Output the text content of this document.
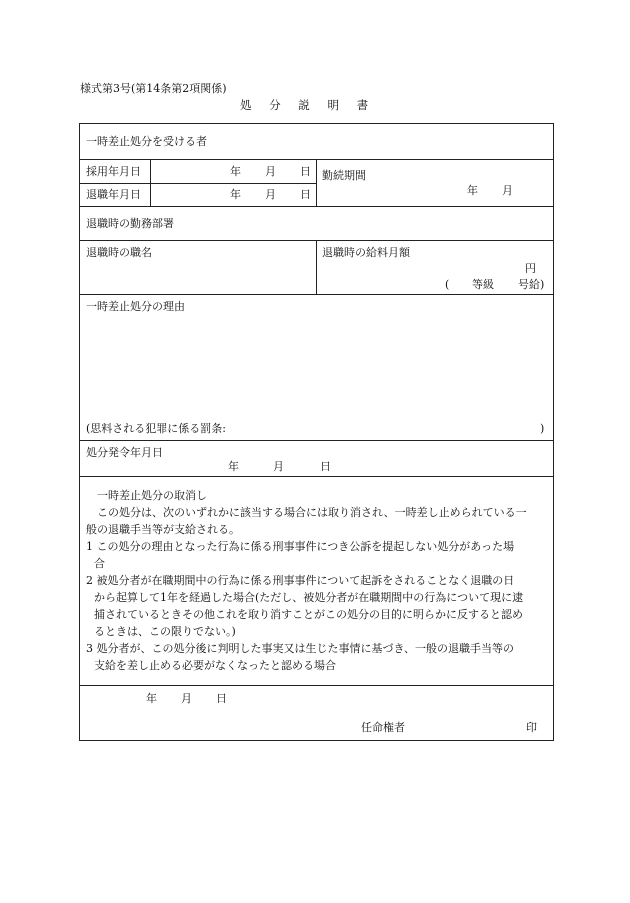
様式第3号(第14条第2項関係)
処 分 説 明 書
一時差止処分を受ける者
採用年月日	年 月 日
退職年月日	年 月 日
勤続期間
年 月
退職時の勤務部署
退職時の職名	退職時の給料月額
円
( 等級 号給)
一時差止処分の理由
(思料される犯罪に係る罰条:	)
処分発令年月日
年	月	日
一時差止処分の取消し
この処分は、次のいずれかに該当する場合には取り消され、一時差し止められている一
般の退職手当等が支給される。
1 この処分の理由となった行為に係る刑事事件につき公訴を提起しない処分があった場
合
2 被処分者が在職期間中の行為に係る刑事事件について起訴をされることなく退職の日
から起算して1年を経過した場合(ただし、被処分者が在職期間中の行為について現に逮
捕されているときその他これを取り消すことがこの処分の目的に明らかに反すると認め
るときは、この限りでない。)
3 処分者が、この処分後に判明した事実又は生じた事情に基づき、一般の退職手当等の
支給を差し止める必要がなくなったと認める場合
年 月 日
任命権者	印
